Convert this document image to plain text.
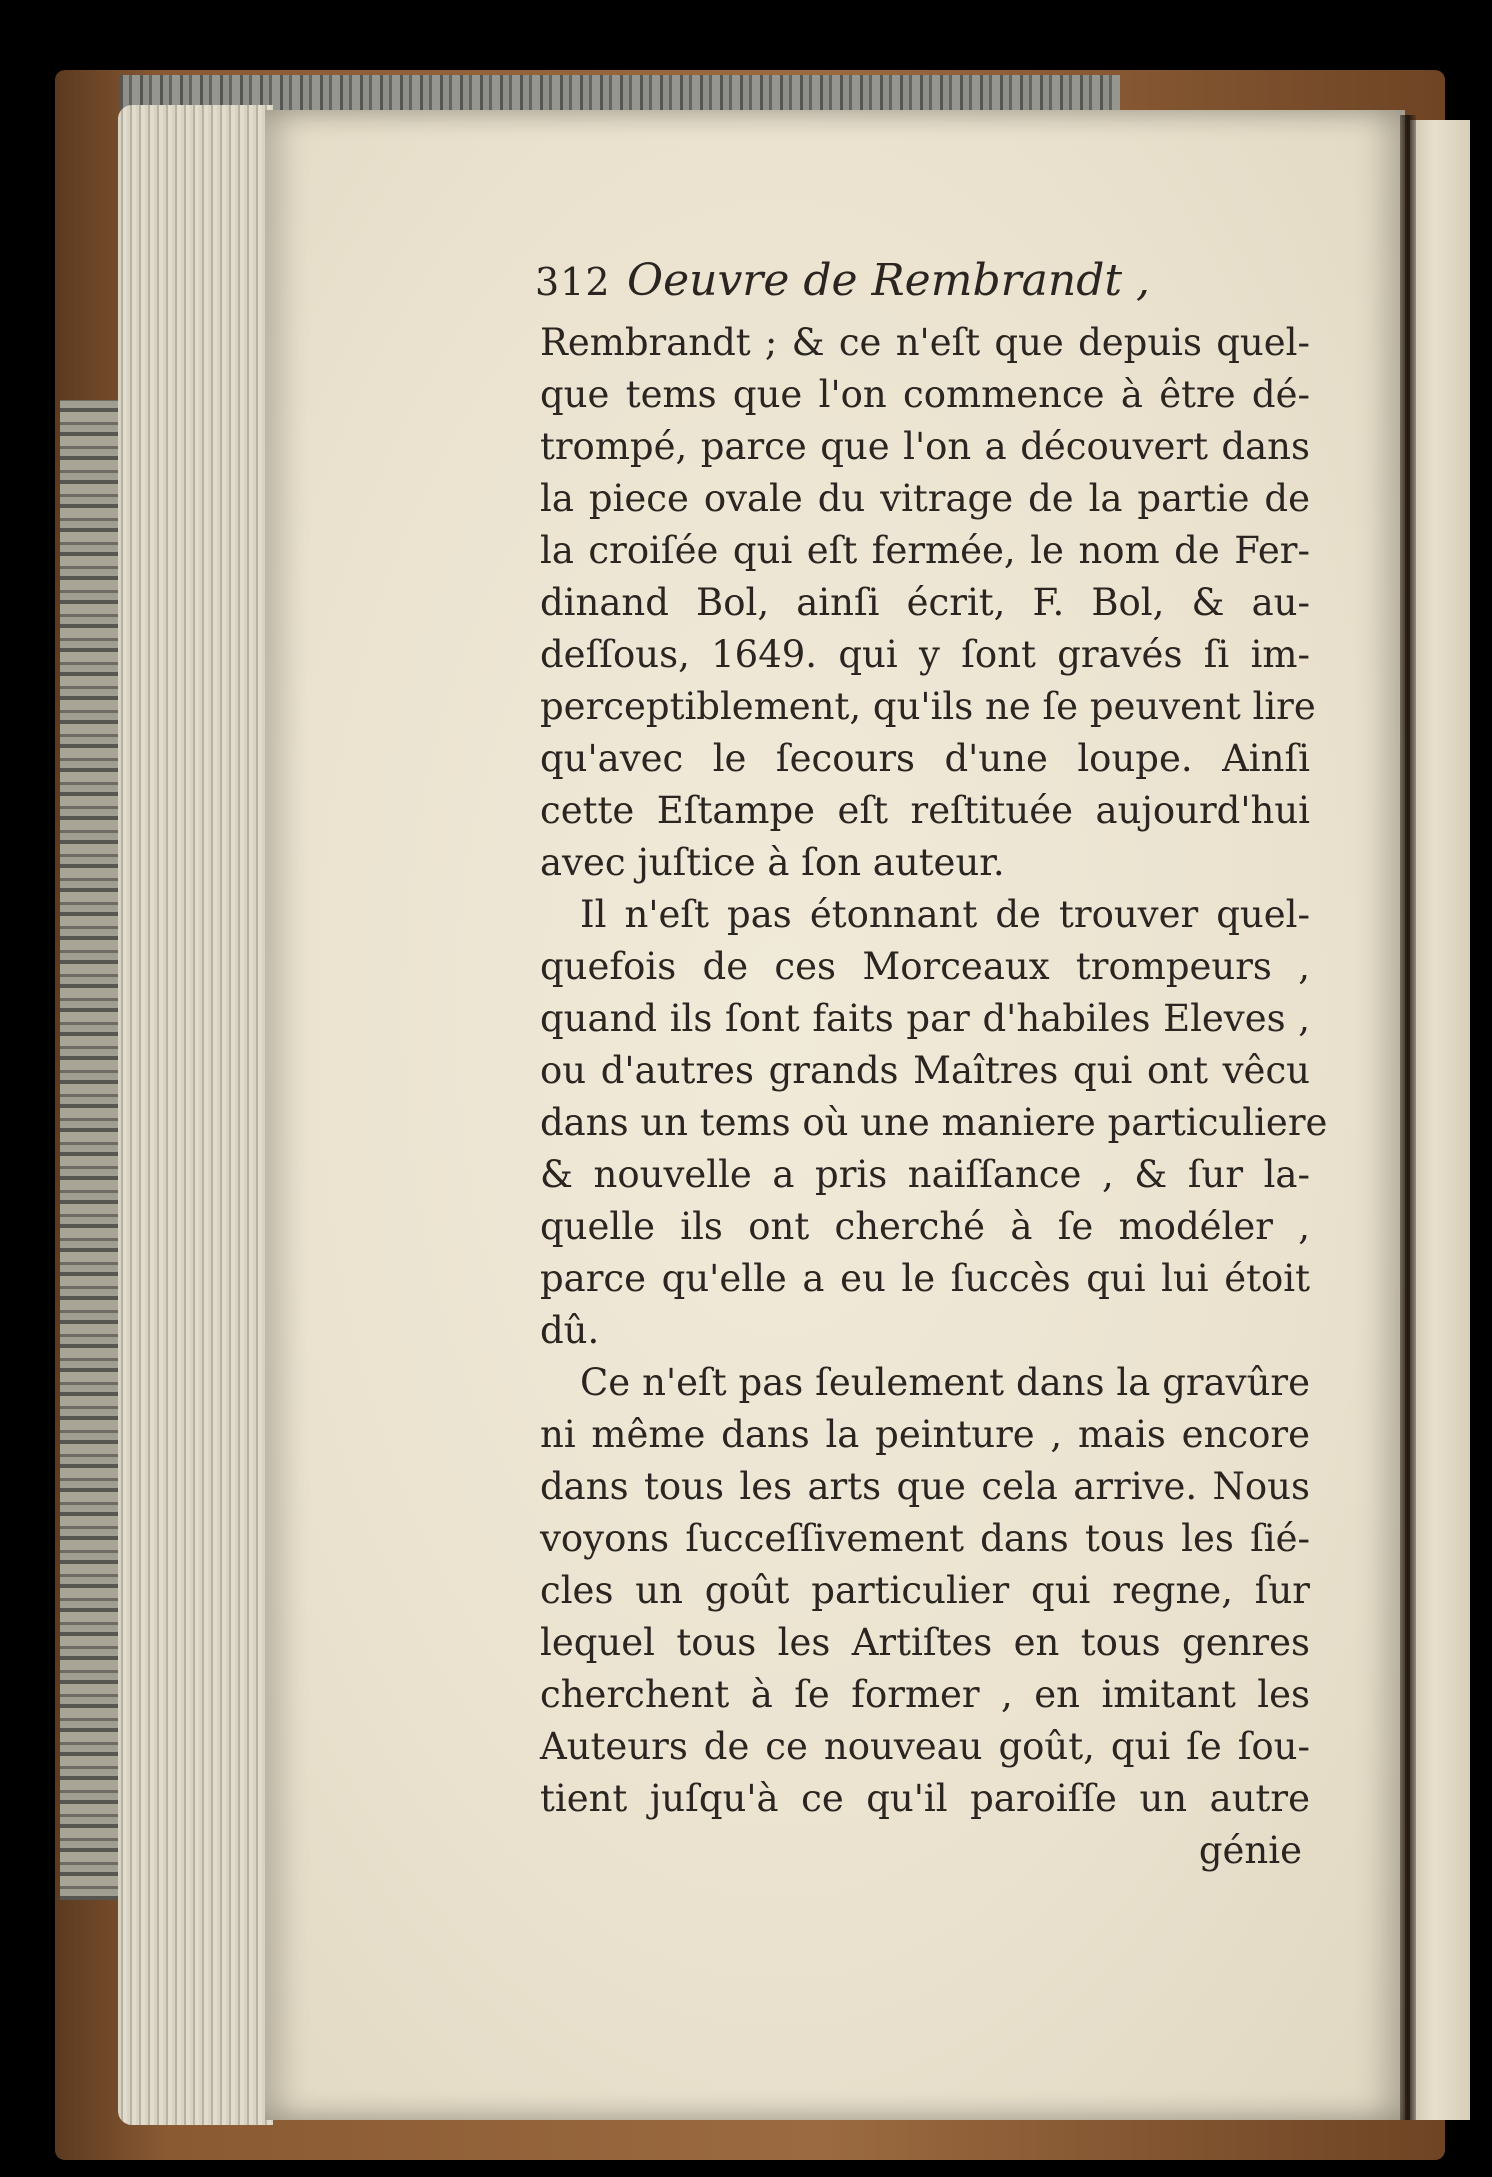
312 Oeuvre de Rembrandt ,
Rembrandt ; & ce n'eſt que depuis quel-
que tems que l'on commence à être dé-
trompé, parce que l'on a découvert dans
la piece ovale du vitrage de la partie de
la croiſée qui eſt fermée, le nom de Fer-
dinand Bol, ainſi écrit, F. Bol, & au-
deſſous, 1649. qui y ſont gravés ſi im-
perceptiblement, qu'ils ne ſe peuvent lire
qu'avec le ſecours d'une loupe. Ainſi
cette Eſtampe eſt reſtituée aujourd'hui
avec juſtice à ſon auteur.
Il n'eſt pas étonnant de trouver quel-
quefois de ces Morceaux trompeurs ,
quand ils ſont faits par d'habiles Eleves ,
ou d'autres grands Maîtres qui ont vêcu
dans un tems où une maniere particuliere
& nouvelle a pris naiſſance , & ſur la-
quelle ils ont cherché à ſe modéler ,
parce qu'elle a eu le ſuccès qui lui étoit
dû.
Ce n'eſt pas ſeulement dans la gravûre
ni même dans la peinture , mais encore
dans tous les arts que cela arrive. Nous
voyons ſucceſſivement dans tous les ſié-
cles un goût particulier qui regne, ſur
lequel tous les Artiſtes en tous genres
cherchent à ſe former , en imitant les
Auteurs de ce nouveau goût, qui ſe ſou-
tient juſqu'à ce qu'il paroiſſe un autre
génie
